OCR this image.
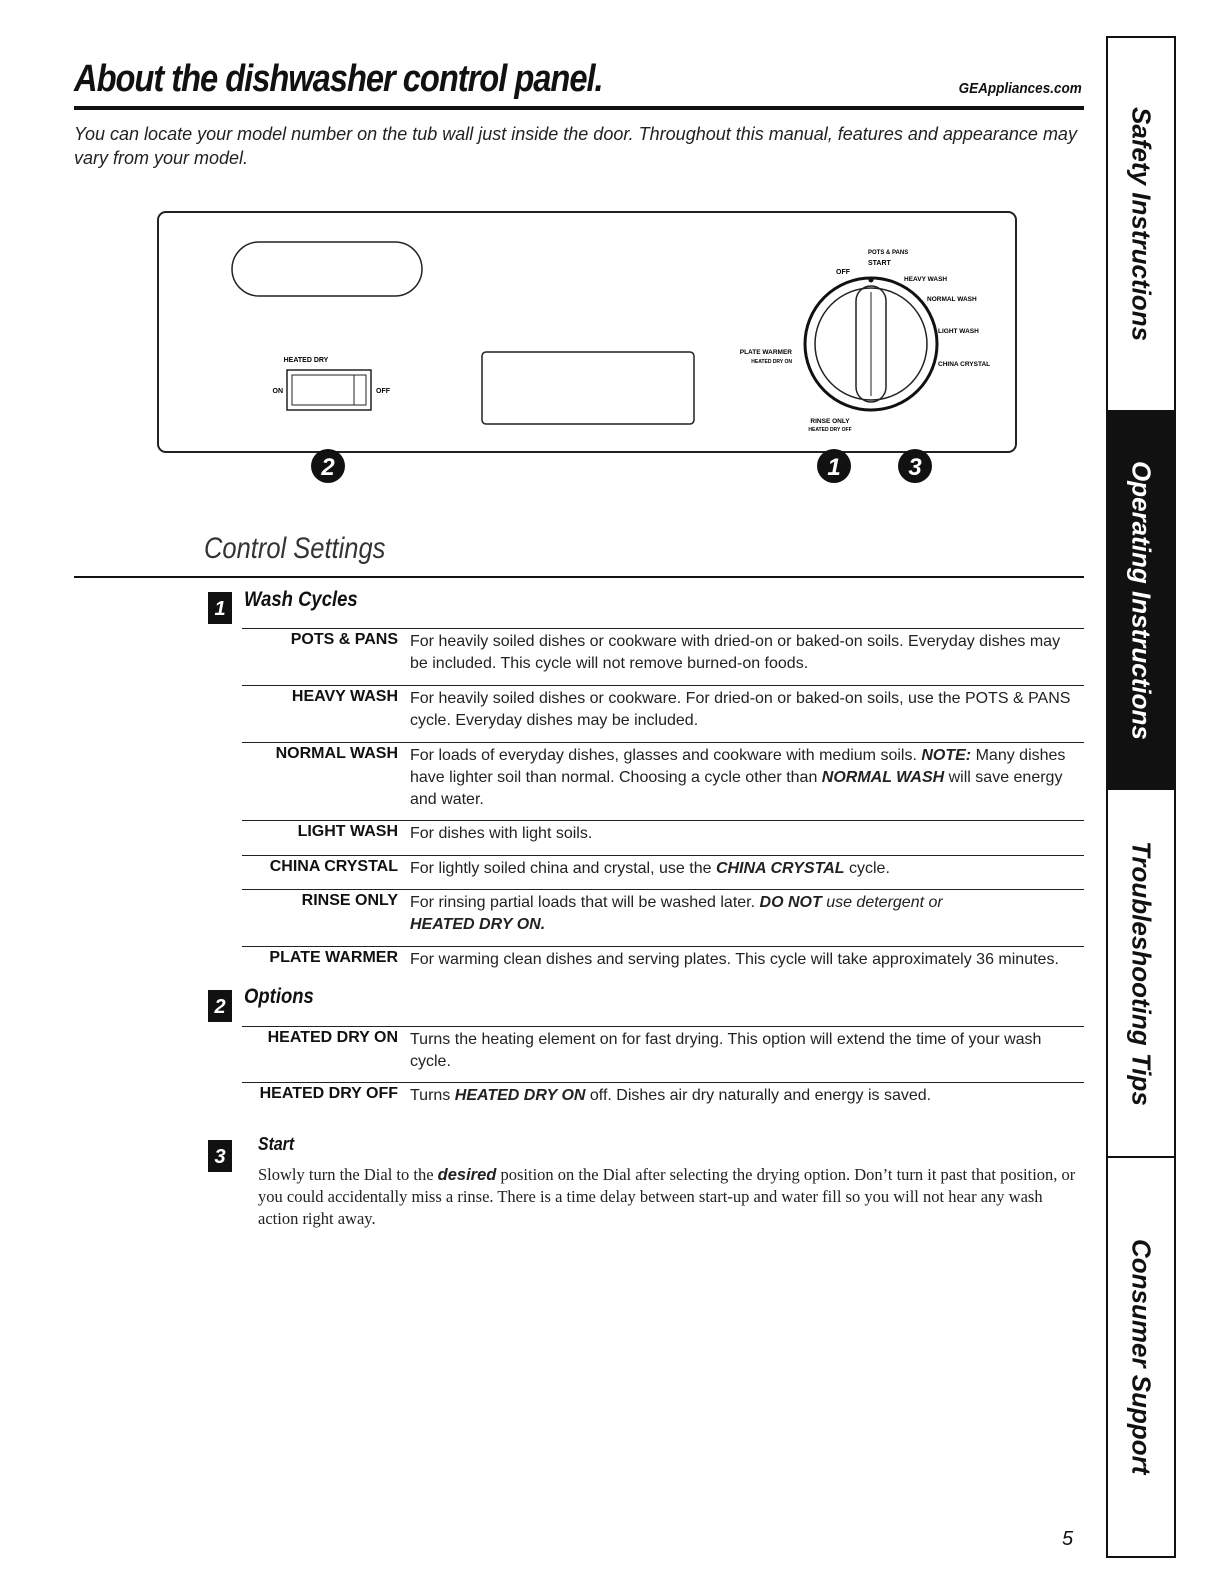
About the dishwasher control panel.	GEAppliances.com
You can locate your model number on the tub wall just inside the door. Throughout this manual, features and appearance may vary from your model.
HEATED DRY
ON	OFF
POTS & PANS
START
OFF
HEAVY WASH
NORMAL WASH
LIGHT WASH
CHINA CRYSTAL
PLATE WARMER
HEATED DRY ON
RINSE ONLY
HEATED DRY OFF
2	1	3
Control Settings
1 Wash Cycles
POTS & PANS For heavily soiled dishes or cookware with dried-on or baked-on soils. Everyday dishes may be included. This cycle will not remove burned-on foods.
HEAVY WASH For heavily soiled dishes or cookware. For dried-on or baked-on soils, use the POTS & PANS cycle. Everyday dishes may be included.
NORMAL WASH For loads of everyday dishes, glasses and cookware with medium soils. NOTE: Many dishes have lighter soil than normal. Choosing a cycle other than NORMAL WASH will save energy and water.
LIGHT WASH For dishes with light soils.
CHINA CRYSTAL For lightly soiled china and crystal, use the CHINA CRYSTAL cycle.
RINSE ONLY For rinsing partial loads that will be washed later. DO NOT use detergent or
HEATED DRY ON.
PLATE WARMER For warming clean dishes and serving plates. This cycle will take approximately 36 minutes.
2 Options
HEATED DRY ON Turns the heating element on for fast drying. This option will extend the time of your wash cycle.
HEATED DRY OFF Turns HEATED DRY ON off. Dishes air dry naturally and energy is saved.
3
Start
Slowly turn the Dial to the desired position on the Dial after selecting the drying option. Don’t turn it past that position, or you could accidentally miss a rinse. There is a time delay between start-up and water fill so you will not hear any wash action right away.
Safety Instructions
Operating Instructions
Troubleshooting Tips
Consumer Support
5
